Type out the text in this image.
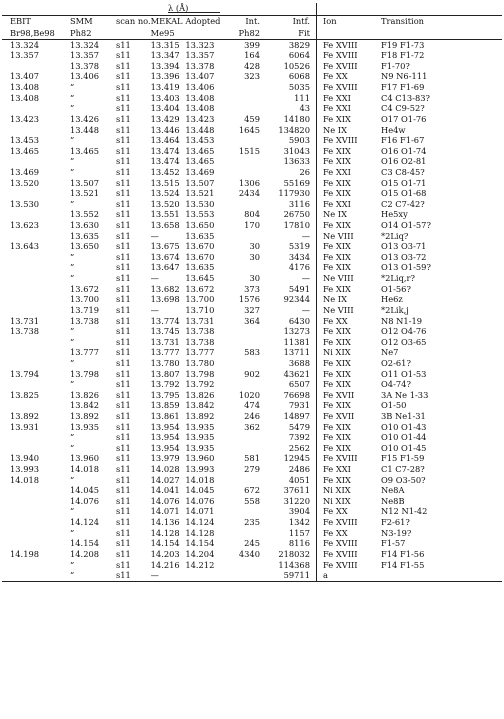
		λ (Å)						
EBIT	SMM	scan no.	MEKAL	Adopted	Int.	Intf.	Ion	Transition
Br98,Be98	Ph82		Me95		Ph82	Fit		
13.324	13.324	s11	13.315	13.323	399	3829	Fe XVIII	F19 F1-73
13.357	13.357	s11	13.347	13.357	164	6064	Fe XVIII	F18 F1-72
	13.378	s11	13.394	13.378	428	10526	Fe XVIII	F1-70?
13.407	13.406	s11	13.396	13.407	323	6068	Fe XX	N9 N6-111
13.408	”	s11	13.419	13.406		5035	Fe XVIII	F17 F1-69
13.408	”	s11	13.403	13.408		111	Fe XXI	C4 C13-83?
	”	s11	13.404	13.408		43	Fe XXI	C4 C9-52?
13.423	13.426	s11	13.429	13.423	459	14180	Fe XIX	O17 O1-76
	13.448	s11	13.446	13.448	1645	134820	Ne IX	He4w
13.453	”	s11	13.464	13.453		5903	Fe XVIII	F16 F1-67
13.465	13.465	s11	13.474	13.465	1515	31043	Fe XIX	O16 O1-74
	”	s11	13.474	13.465		13633	Fe XIX	O16 O2-81
13.469	”	s11	13.452	13.469		26	Fe XXI	C3 C8-45?
13.520	13.507	s11	13.515	13.507	1306	55169	Fe XIX	O15 O1-71
	13.521	s11	13.524	13.521	2434	117930	Fe XIX	O15 O1-68
13.530	”	s11	13.520	13.530		3116	Fe XXI	C2 C7-42?
	13.552	s11	13.551	13.553	804	26750	Ne IX	He5xy
13.623	13.630	s11	13.658	13.650	170	17810	Fe XIX	O14 O1-57?
	13.635	s11	—	13.635		—	Ne VIII	*2Liq?
13.643	13.650	s11	13.675	13.670	30	5319	Fe XIX	O13 O3-71
	”	s11	13.674	13.670	30	3434	Fe XIX	O13 O3-72
	”	s11	13.647	13.635		4176	Fe XIX	O13 O1-59?
	”	s11	—	13.645	30	—	Ne VIII	*2Liq,r?
	13.672	s11	13.682	13.672	373	5491	Fe XIX	O1-56?
	13.700	s11	13.698	13.700	1576	92344	Ne IX	He6z
	13.719	s11	—	13.710	327	—	Ne VIII	*2Lik,j
13.731	13.738	s11	13.774	13.731	364	6430	Fe XX	N8 N1-19
13.738	”	s11	13.745	13.738		13273	Fe XIX	O12 O4-76
	”	s11	13.731	13.738		11381	Fe XIX	O12 O3-65
	13.777	s11	13.777	13.777	583	13711	Ni XIX	Ne7
	”	s11	13.780	13.780		3688	Fe XIX	O2-61?
13.794	13.798	s11	13.807	13.798	902	43621	Fe XIX	O11 O1-53
	”	s11	13.792	13.792		6507	Fe XIX	O4-74?
13.825	13.826	s11	13.795	13.826	1020	76698	Fe XVII	3A Ne 1-33
	13.842	s11	13.859	13.842	474	7931	Fe XIX	O1-50
13.892	13.892	s11	13.861	13.892	246	14897	Fe XVII	3B Ne1-31
13.931	13.935	s11	13.954	13.935	362	5479	Fe XIX	O10 O1-43
	”	s11	13.954	13.935		7392	Fe XIX	O10 O1-44
	”	s11	13.954	13.935		2562	Fe XIX	O10 O1-45
13.940	13.960	s11	13.979	13.960	581	12945	Fe XVIII	F15 F1-59
13.993	14.018	s11	14.028	13.993	279	2486	Fe XXI	C1 C7-28?
14.018	”	s11	14.027	14.018		4051	Fe XIX	O9 O3-50?
	14.045	s11	14.041	14.045	672	37611	Ni XIX	Ne8A
	14.076	s11	14.076	14.076	558	31220	Ni XIX	Ne8B
	”	s11	14.071	14.071		3904	Fe XX	N12 N1-42
	14.124	s11	14.136	14.124	235	1342	Fe XVIII	F2-61?
	”	s11	14.128	14.128		1157	Fe XX	N3-19?
	14.154	s11	14.154	14.154	245	8116	Fe XVIII	F1-57
14.198	14.208	s11	14.203	14.204	4340	218032	Fe XVIII	F14 F1-56
	”	s11	14.216	14.212		114368	Fe XVIII	F14 F1-55
	”	s11	—			59711	a	
